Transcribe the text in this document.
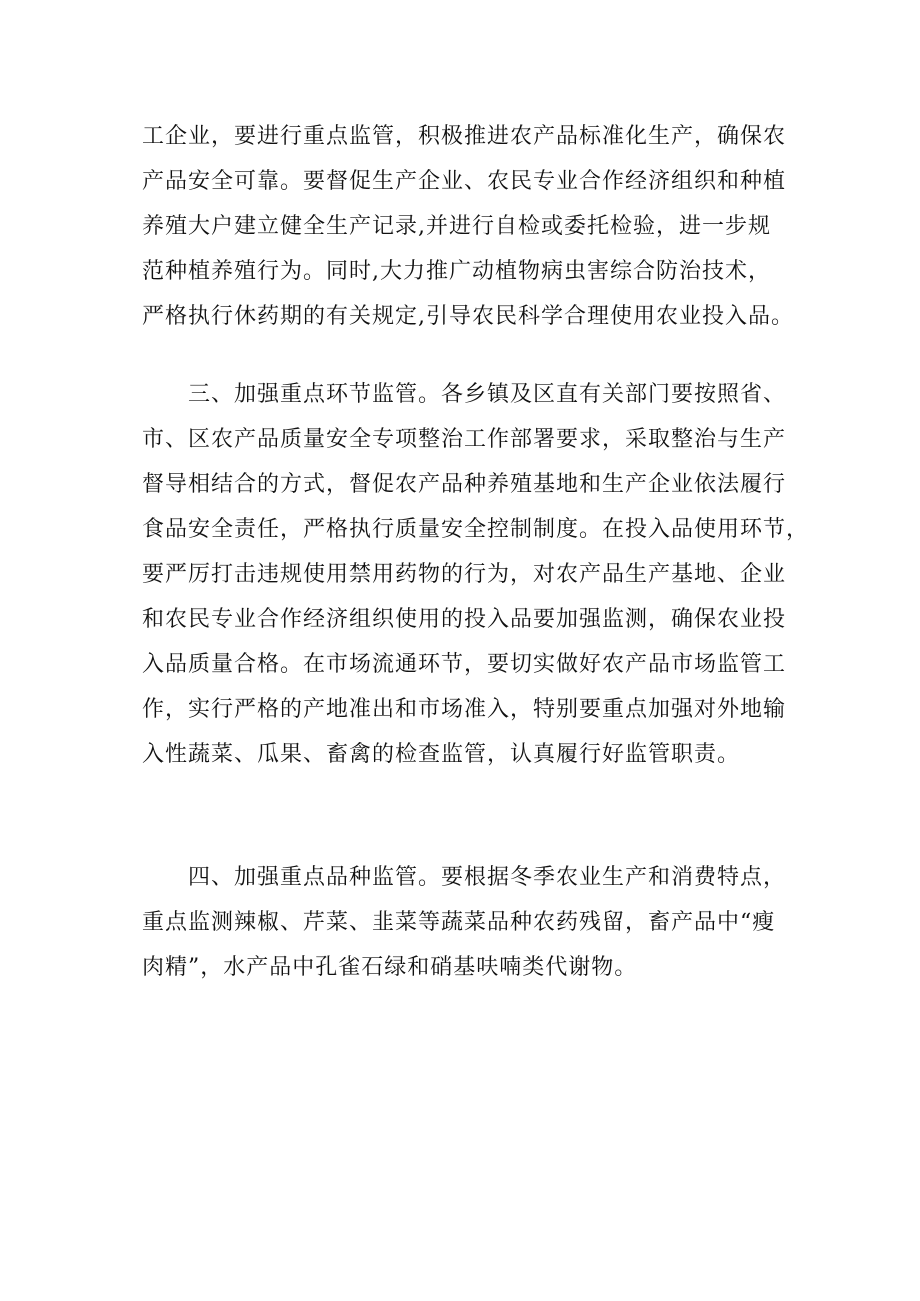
工企业，要进行重点监管，积极推进农产品标准化生产，确保农
产品安全可靠。要督促生产企业、农民专业合作经济组织和种植
养殖大户建立健全生产记录,并进行自检或委托检验，进一步规
范种植养殖行为。同时,大力推广动植物病虫害综合防治技术，
严格执行休药期的有关规定,引导农民科学合理使用农业投入品。
三、加强重点环节监管。各乡镇及区直有关部门要按照省、
市、区农产品质量安全专项整治工作部署要求，采取整治与生产
督导相结合的方式，督促农产品种养殖基地和生产企业依法履行
食品安全责任，严格执行质量安全控制制度。在投入品使用环节，
要严厉打击违规使用禁用药物的行为，对农产品生产基地、企业
和农民专业合作经济组织使用的投入品要加强监测，确保农业投
入品质量合格。在市场流通环节，要切实做好农产品市场监管工
作，实行严格的产地准出和市场准入，特别要重点加强对外地输
入性蔬菜、瓜果、畜禽的检查监管，认真履行好监管职责。
四、加强重点品种监管。要根据冬季农业生产和消费特点，
重点监测辣椒、芹菜、韭菜等蔬菜品种农药残留，畜产品中“瘦
肉精”，水产品中孔雀石绿和硝基呋喃类代谢物。
